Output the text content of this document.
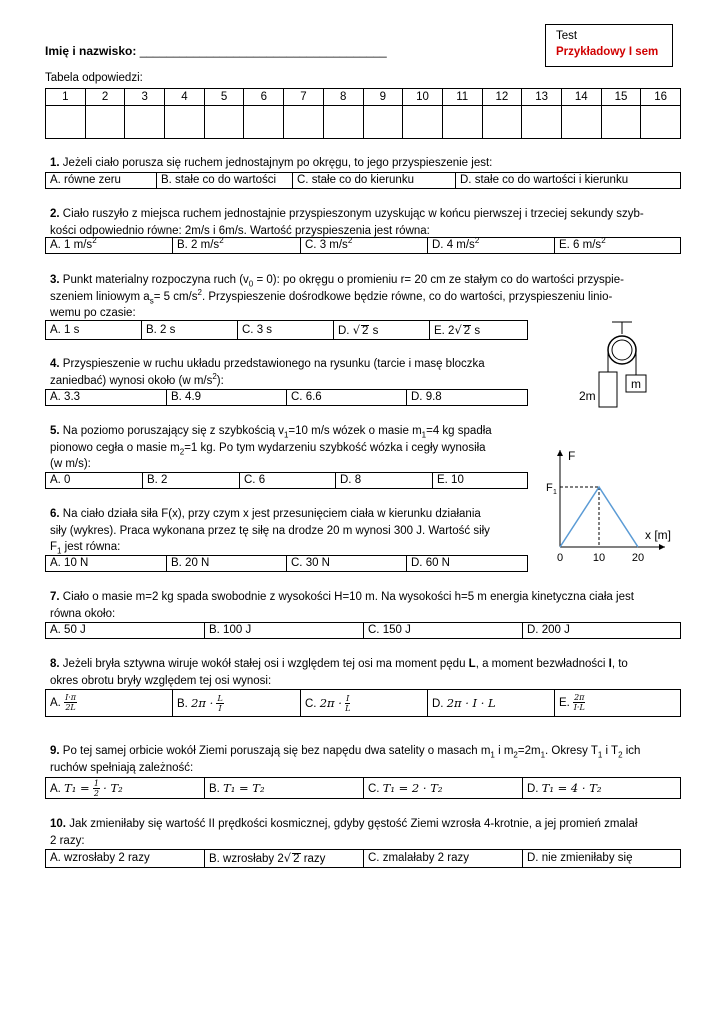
Imię i nazwisko: _____________________________________
Test
Przykładowy I sem
Tabela odpowiedzi:
1	2	3	4	5	6	7	8	9	10	11	12	13	14	15	16

1. Jeżeli ciało porusza się ruchem jednostajnym po okręgu, to jego przyspieszenie jest:
A. równe zeru	B. stałe co do wartości	C. stałe co do kierunku	D. stałe co do wartości i kierunku
2. Ciało ruszyło z miejsca ruchem jednostajnie przyspieszonym uzyskując w końcu pierwszej i trzeciej sekundy szyb-
kości odpowiednio równe: 2m/s i 6m/s. Wartość przyspieszenia jest równa:
A. 1 $m/s^2$	B. 2 $m/s^2$	C. 3 $m/s^2$	D. 4 $m/s^2$	E. 6 $m/s^2$
3. Punkt materialny rozpoczyna ruch $(v_0 = 0)$: po okręgu o promieniu r= 20 cm ze stałym co do wartości przyspie-
szeniem liniowym $a_s= 5$ $cm/s^2$. Przyspieszenie dośrodkowe będzie równe, co do wartości, przyspieszeniu linio-
wemu po czasie:
A. 1 s	B. 2 s	C. 3 s	D. √ 2 s	E. 2√ 2 s
m
2m
4. Przyspieszenie w ruchu układu przedstawionego na rysunku (tarcie i masę bloczka
zaniedbać) wynosi około (w $m/s^2$):
A. 3.3	B. 4.9	C. 6.6	D. 9.8
5. Na poziomo poruszający się z szybkością $v_1=10$ m/s wózek o masie $m_1=4$ kg spadła
pionowo cegła o masie $m_2=1$ kg. Po tym wydarzeniu szybkość wózka i cegły wynosiła
(w m/s):
A. 0	B. 2	C. 6	D. 8	E. 10
F
F 1
x [m]
0	10 20
6. Na ciało działa siła F(x), przy czym x jest przesunięciem ciała w kierunku działania
siły (wykres). Praca wykonana przez tę siłę na drodze 20 m wynosi 300 J. Wartość siły
$F_1$ jest równa:
A. 10 N	B. 20 N	C. 30 N	D. 60 N
7. Ciało o masie m=2 kg spada swobodnie z wysokości H=10 m. Na wysokości h=5 m energia kinetyczna ciała jest
równa około:
A. 50 J	B. 100 J	C. 150 J	D. 200 J
8. Jeżeli bryła sztywna wiruje wokół stałej osi i względem tej osi ma moment pędu L, a moment bezwładności I, to
okres obrotu bryły względem tej osi wynosi:
A. $\frac{I\cdot\pi}{2L}$	B. $2\pi \cdot \frac{L}{I}$	C. $2\pi \cdot \frac{I}{L}$	D. 2π · I · L	E. $\frac{2\pi}{I\cdot L}$
9. Po tej samej orbicie wokół Ziemi poruszają się bez napędu dwa satelity o masach $m_1$ i $m_2=2m_1$. Okresy $T_1$ i $T_2$ ich
ruchów spełniają zależność:
A. $T_1 = \frac{1}{2} \cdot T_2$	B. T₁ = T₂	C. T₁ = 2 · T₂	D. T₁ = 4 · T₂
10. Jak zmieniłaby się wartość II prędkości kosmicznej, gdyby gęstość Ziemi wzrosła 4-krotnie, a jej promień zmalał
2 razy:
A. wzrosłaby 2 razy	B. wzrosłaby 2√ 2 razy	C. zmalałaby 2 razy	D. nie zmieniłaby się
